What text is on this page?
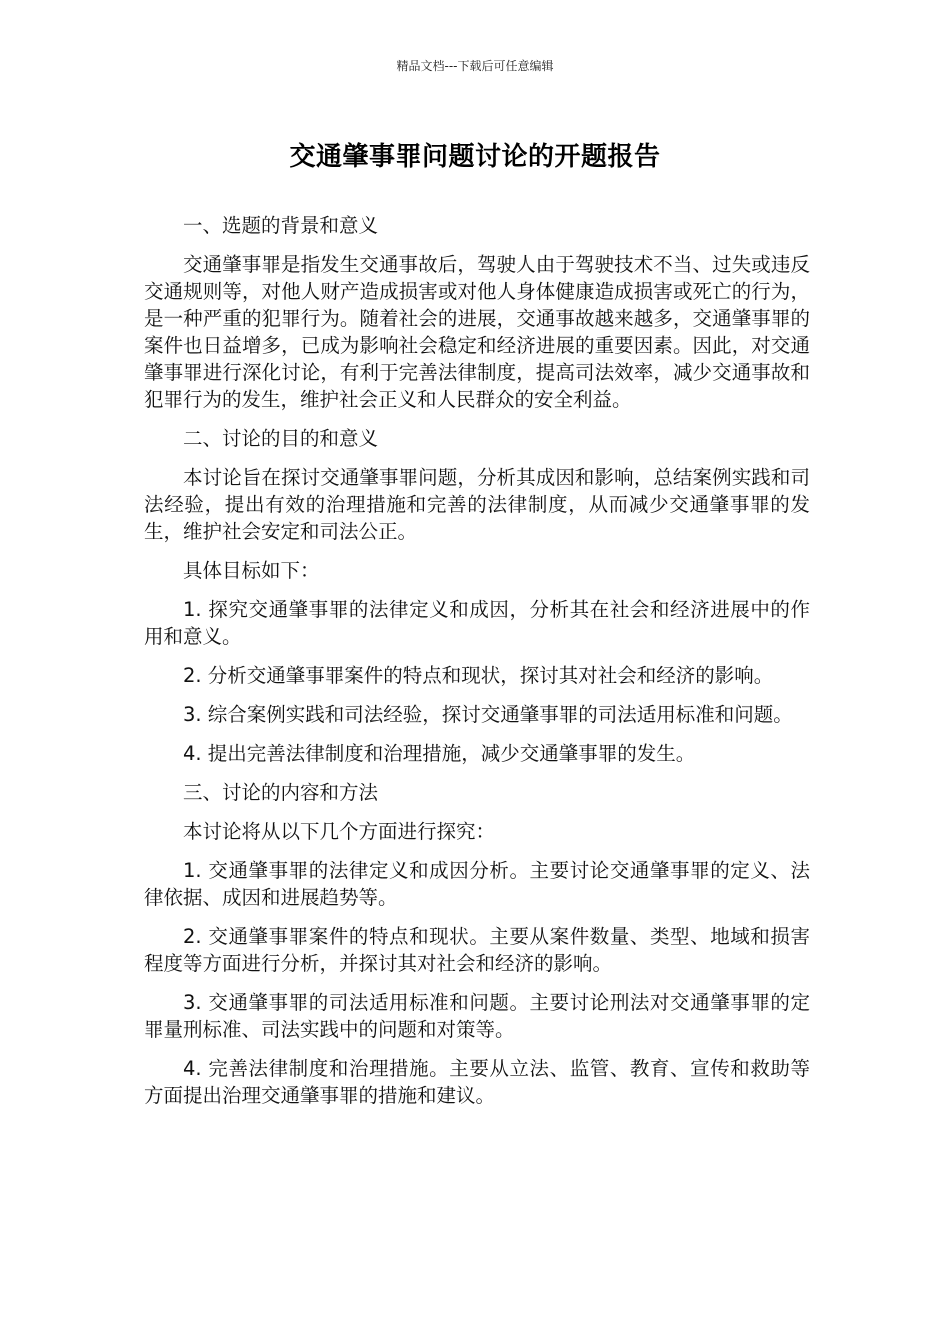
精品文档---下载后可任意编辑
交通肇事罪问题讨论的开题报告

一、选题的背景和意义

交通肇事罪是指发生交通事故后，驾驶人由于驾驶技术不当、过失或违反交通规则等，对他人财产造成损害或对他人身体健康造成损害或死亡的行为，是一种严重的犯罪行为。随着社会的进展，交通事故越来越多，交通肇事罪的案件也日益增多，已成为影响社会稳定和经济进展的重要因素。因此，对交通肇事罪进行深化讨论，有利于完善法律制度，提高司法效率，减少交通事故和犯罪行为的发生，维护社会正义和人民群众的安全利益。

二、讨论的目的和意义

本讨论旨在探讨交通肇事罪问题，分析其成因和影响，总结案例实践和司法经验，提出有效的治理措施和完善的法律制度，从而减少交通肇事罪的发生，维护社会安定和司法公正。

具体目标如下：

1. 探究交通肇事罪的法律定义和成因，分析其在社会和经济进展中的作用和意义。

2. 分析交通肇事罪案件的特点和现状，探讨其对社会和经济的影响。

3. 综合案例实践和司法经验，探讨交通肇事罪的司法适用标准和问题。

4. 提出完善法律制度和治理措施，减少交通肇事罪的发生。

三、讨论的内容和方法

本讨论将从以下几个方面进行探究：

1. 交通肇事罪的法律定义和成因分析。主要讨论交通肇事罪的定义、法律依据、成因和进展趋势等。

2. 交通肇事罪案件的特点和现状。主要从案件数量、类型、地域和损害程度等方面进行分析，并探讨其对社会和经济的影响。

3. 交通肇事罪的司法适用标准和问题。主要讨论刑法对交通肇事罪的定罪量刑标准、司法实践中的问题和对策等。

4. 完善法律制度和治理措施。主要从立法、监管、教育、宣传和救助等方面提出治理交通肇事罪的措施和建议。
